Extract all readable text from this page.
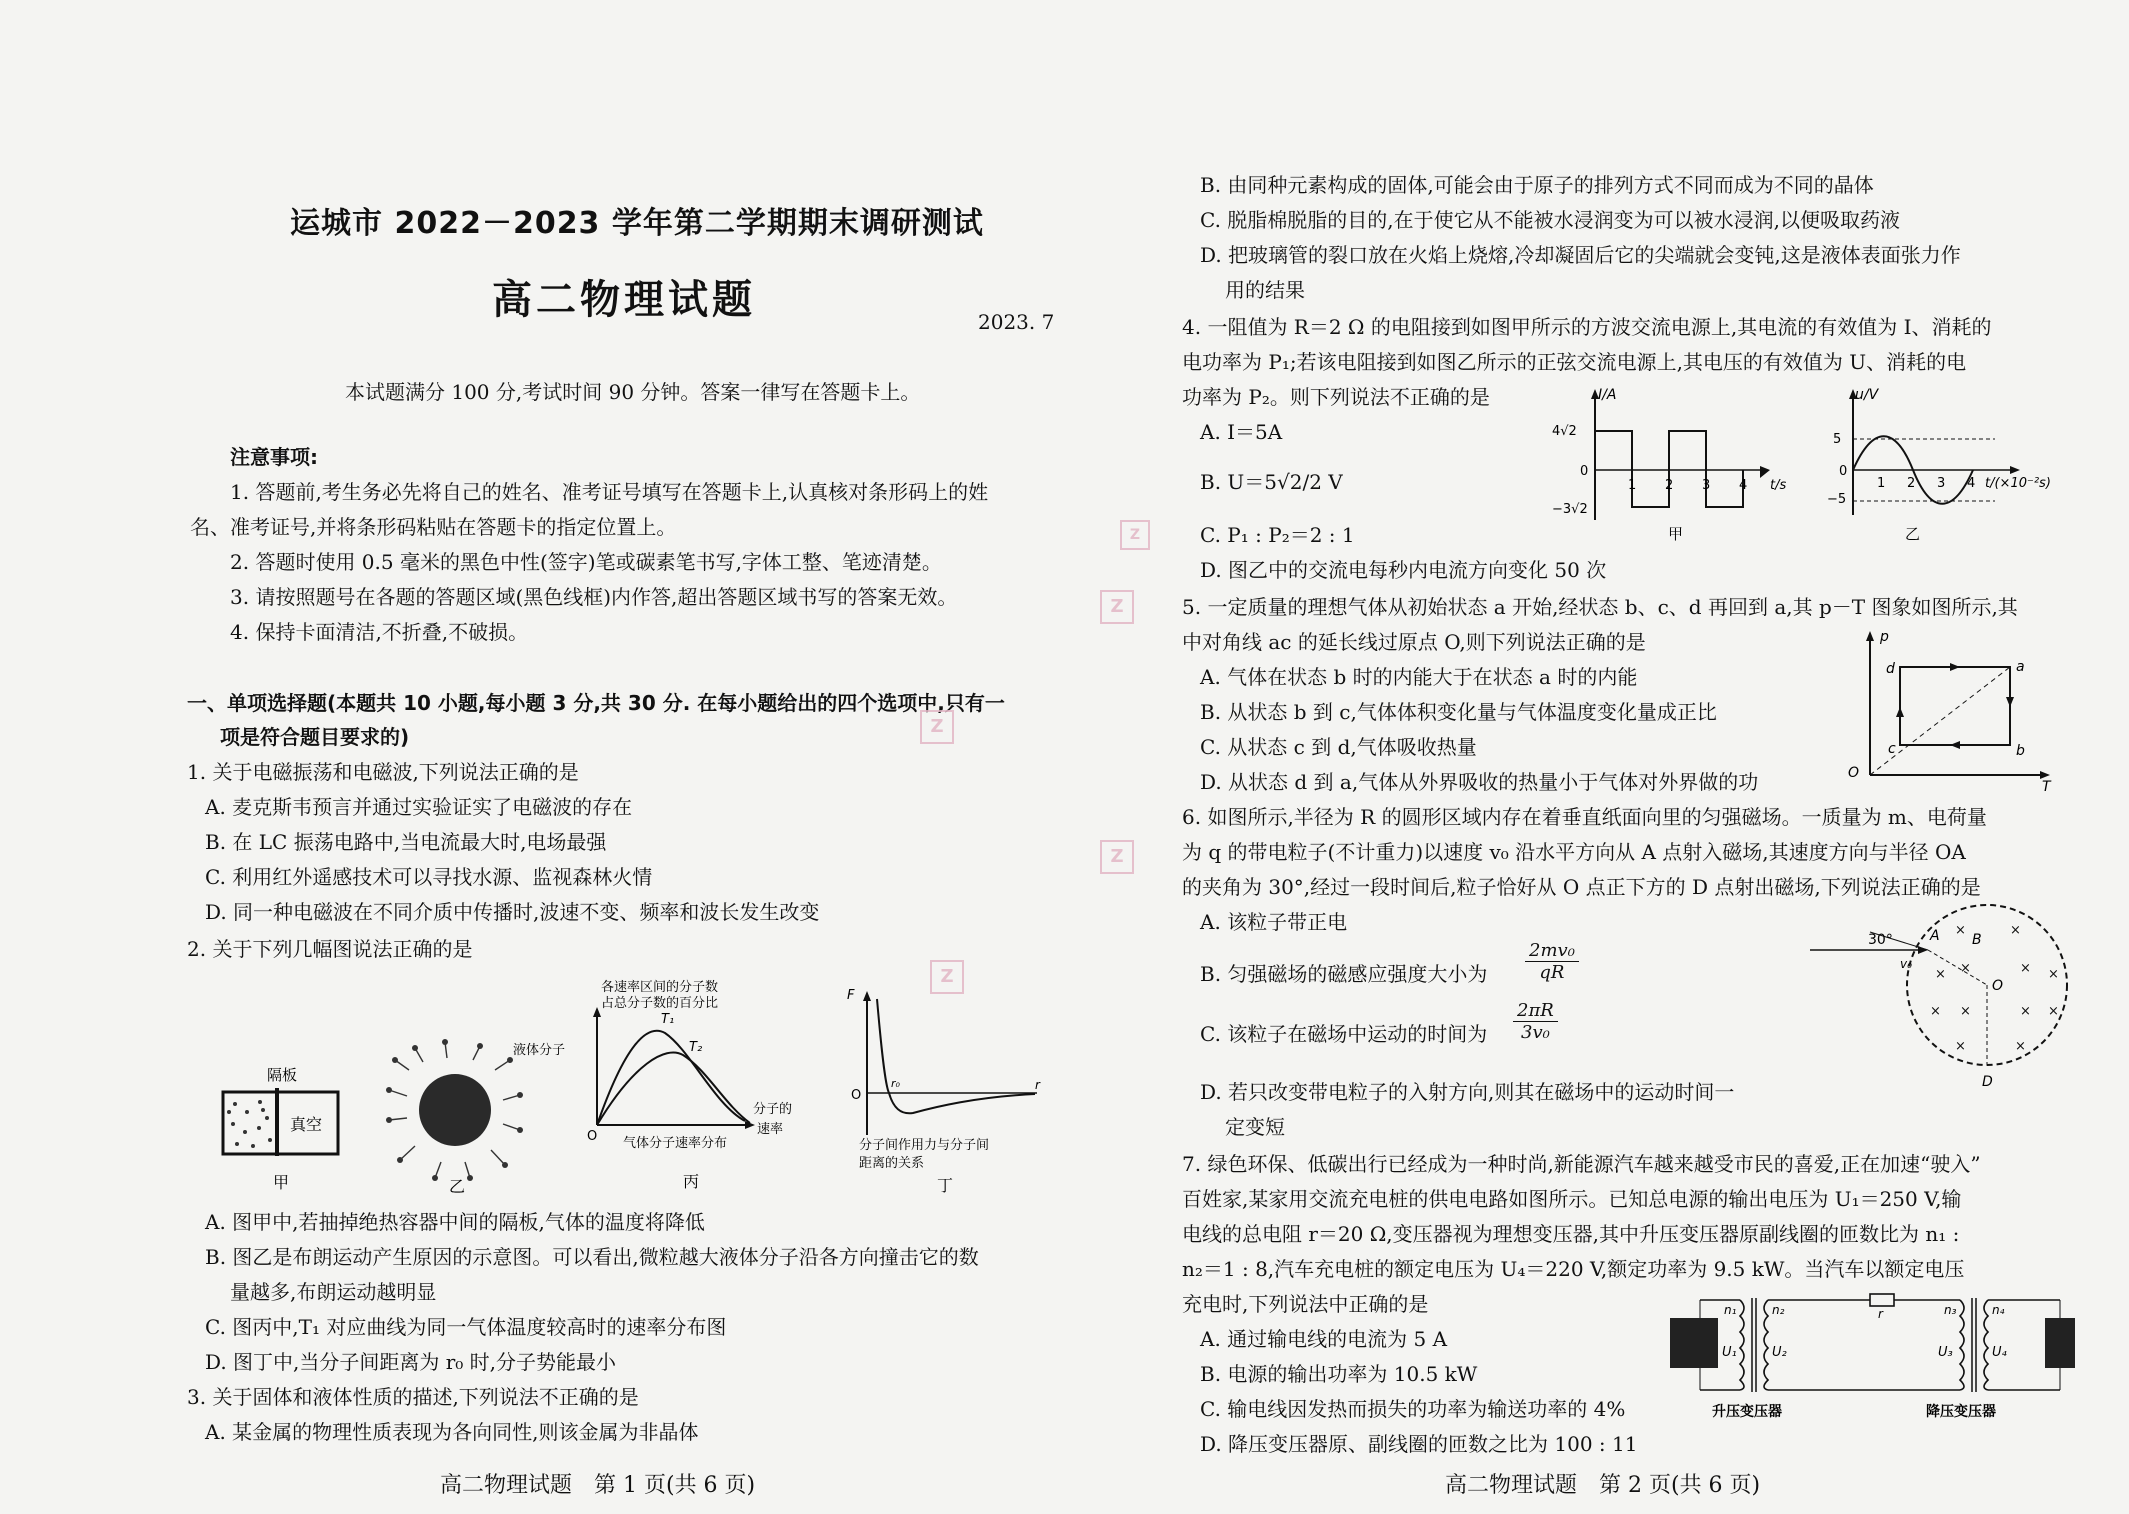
运城市 2022－2023 学年第二学期期末调研测试
高二物理试题	2023. 7
本试题满分 100 分,考试时间 90 分钟。答案一律写在答题卡上。
注意事项:
1. 答题前,考生务必先将自己的姓名、准考证号填写在答题卡上,认真核对条形码上的姓
名、准考证号,并将条形码粘贴在答题卡的指定位置上。
2. 答题时使用 0.5 毫米的黑色中性(签字)笔或碳素笔书写,字体工整、笔迹清楚。
3. 请按照题号在各题的答题区域(黑色线框)内作答,超出答题区域书写的答案无效。
4. 保持卡面清洁,不折叠,不破损。
一、单项选择题(本题共 10 小题,每小题 3 分,共 30 分. 在每小题给出的四个选项中,只有一
项是符合题目要求的)
1. 关于电磁振荡和电磁波,下列说法正确的是
A. 麦克斯韦预言并通过实验证实了电磁波的存在
B. 在 LC 振荡电路中,当电流最大时,电场最强
C. 利用红外遥感技术可以寻找水源、监视森林火情
D. 同一种电磁波在不同介质中传播时,波速不变、频率和波长发生改变
2. 关于下列几幅图说法正确的是
隔板
真空
甲
液体分子
乙
各速率区间的分子数
占总分子数的百分比
T₁
T₂
O
分子的
速率
气体分子速率分布
丙
F
O
r
r₀
分子间作用力与分子间
距离的关系
丁
A. 图甲中,若抽掉绝热容器中间的隔板,气体的温度将降低
B. 图乙是布朗运动产生原因的示意图。可以看出,微粒越大液体分子沿各方向撞击它的数
量越多,布朗运动越明显
C. 图丙中,T₁ 对应曲线为同一气体温度较高时的速率分布图
D. 图丁中,当分子间距离为 r₀ 时,分子势能最小
3. 关于固体和液体性质的描述,下列说法不正确的是
A. 某金属的物理性质表现为各向同性,则该金属为非晶体
高二物理试题　第 1 页(共 6 页)
B. 由同种元素构成的固体,可能会由于原子的排列方式不同而成为不同的晶体
C. 脱脂棉脱脂的目的,在于使它从不能被水浸润变为可以被水浸润,以便吸取药液
D. 把玻璃管的裂口放在火焰上烧熔,冷却凝固后它的尖端就会变钝,这是液体表面张力作
用的结果
4. 一阻值为 R＝2 Ω 的电阻接到如图甲所示的方波交流电源上,其电流的有效值为 I、消耗的
电功率为 P₁;若该电阻接到如图乙所示的正弦交流电源上,其电压的有效值为 U、消耗的电
功率为 P₂。则下列说法不正确的是
A. I＝5A
B. U＝5√2/2 V
C. P₁ : P₂＝2 : 1
D. 图乙中的交流电每秒内电流方向变化 50 次
I/A
4√2
−3√2
0
1 2 3 4 t/s
甲
u/V
5
−5
0
1 2 3 4 t/(×10⁻²s)
乙
5. 一定质量的理想气体从初始状态 a 开始,经状态 b、c、d 再回到 a,其 p－T 图象如图所示,其
中对角线 ac 的延长线过原点 O,则下列说法正确的是
A. 气体在状态 b 时的内能大于在状态 a 时的内能
B. 从状态 b 到 c,气体体积变化量与气体温度变化量成正比
C. 从状态 c 到 d,气体吸收热量
D. 从状态 d 到 a,气体从外界吸收的热量小于气体对外界做的功
p
O
T
a
b
c
d
6. 如图所示,半径为 R 的圆形区域内存在着垂直纸面向里的匀强磁场。一质量为 m、电荷量
为 q 的带电粒子(不计重力)以速度 v₀ 沿水平方向从 A 点射入磁场,其速度方向与半径 OA
的夹角为 30°,经过一段时间后,粒子恰好从 O 点正下方的 D 点射出磁场,下列说法正确的是
A. 该粒子带正电
B. 匀强磁场的磁感应强度大小为 $\frac{\text{2mv₀}}{qR}$
C. 该粒子在磁场中运动的时间为 $\frac{2\pi R}{\text{3v₀}}$
D. 若只改变带电粒子的入射方向,则其在磁场中的运动时间一
定变短
30°
v₀
A B
O
D
×	×
× ×	× ×
× ×	× ×
×	×
7. 绿色环保、低碳出行已经成为一种时尚,新能源汽车越来越受市民的喜爱,正在加速“驶入”
百姓家,某家用交流充电桩的供电电路如图所示。已知总电源的输出电压为 U₁＝250 V,输
电线的总电阻 r＝20 Ω,变压器视为理想变压器,其中升压变压器原副线圈的匝数比为 n₁ :
n₂＝1 : 8,汽车充电桩的额定电压为 U₄＝220 V,额定功率为 9.5 kW。当汽车以额定电压
充电时,下列说法中正确的是
A. 通过输电线的电流为 5 A
B. 电源的输出功率为 10.5 kW
C. 输电线因发热而损失的功率为输送功率的 4%
D. 降压变压器原、副线圈的匝数之比为 100 : 11
n₁	n₂	n₃	n₄
U₁	U₂	U₃	U₄
r
升压变压器	降压变压器
高二物理试题　第 2 页(共 6 页)
Z
Z
Z
Z
Z
